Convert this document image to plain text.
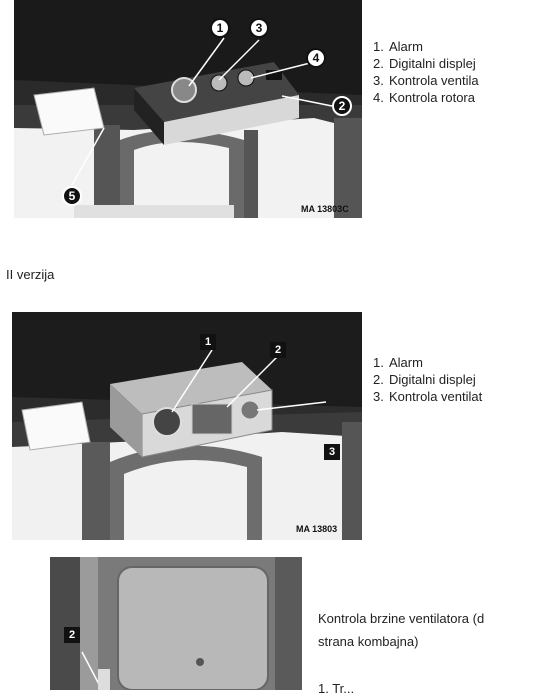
1	3
4
2
5
MA 13803C
1. Alarm
2. Digitalni displej
3. Kontrola ventila
4. Kontrola rotora
II verzija
1
2
3
MA 13803
1. Alarm
2. Digitalni displej
3. Kontrola ventilat
2
Kontrola brzine ventilatora (d
strana kombajna)
1. Tr...
